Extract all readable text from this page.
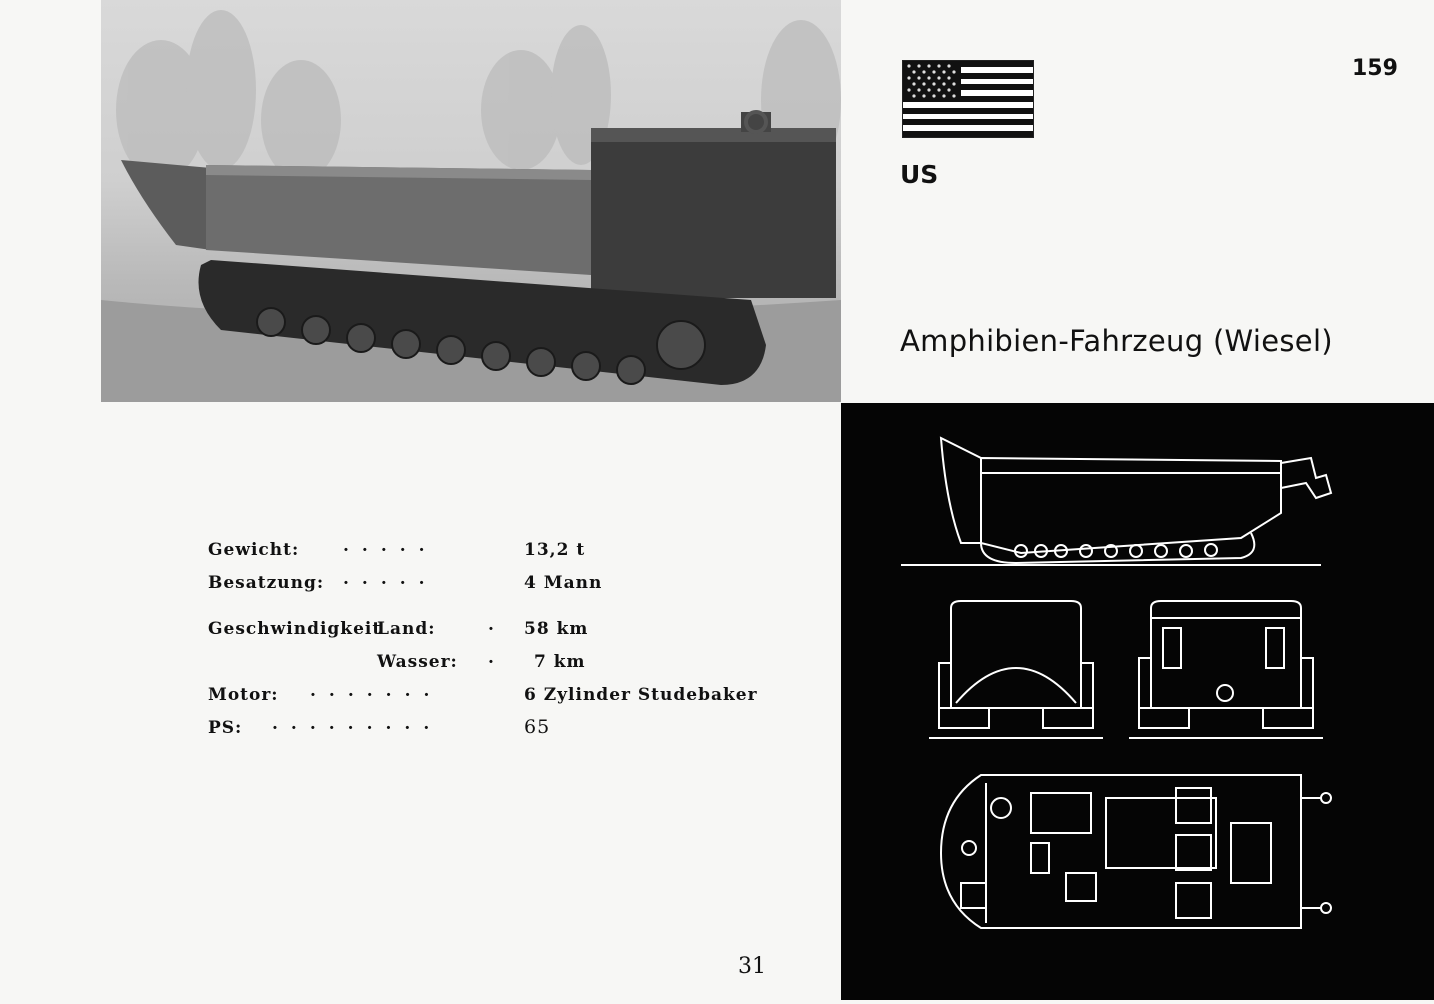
159
US
Amphibien-Fahrzeug (Wiesel)
Gewicht:	.....	13,2 t
Besatzung: .....	4 Mann
Geschwindigkeit
Land:	. 58 km
Wasser: . 7 km
Motor: .......	6 Zylinder Studebaker
PS: .........	65
31
